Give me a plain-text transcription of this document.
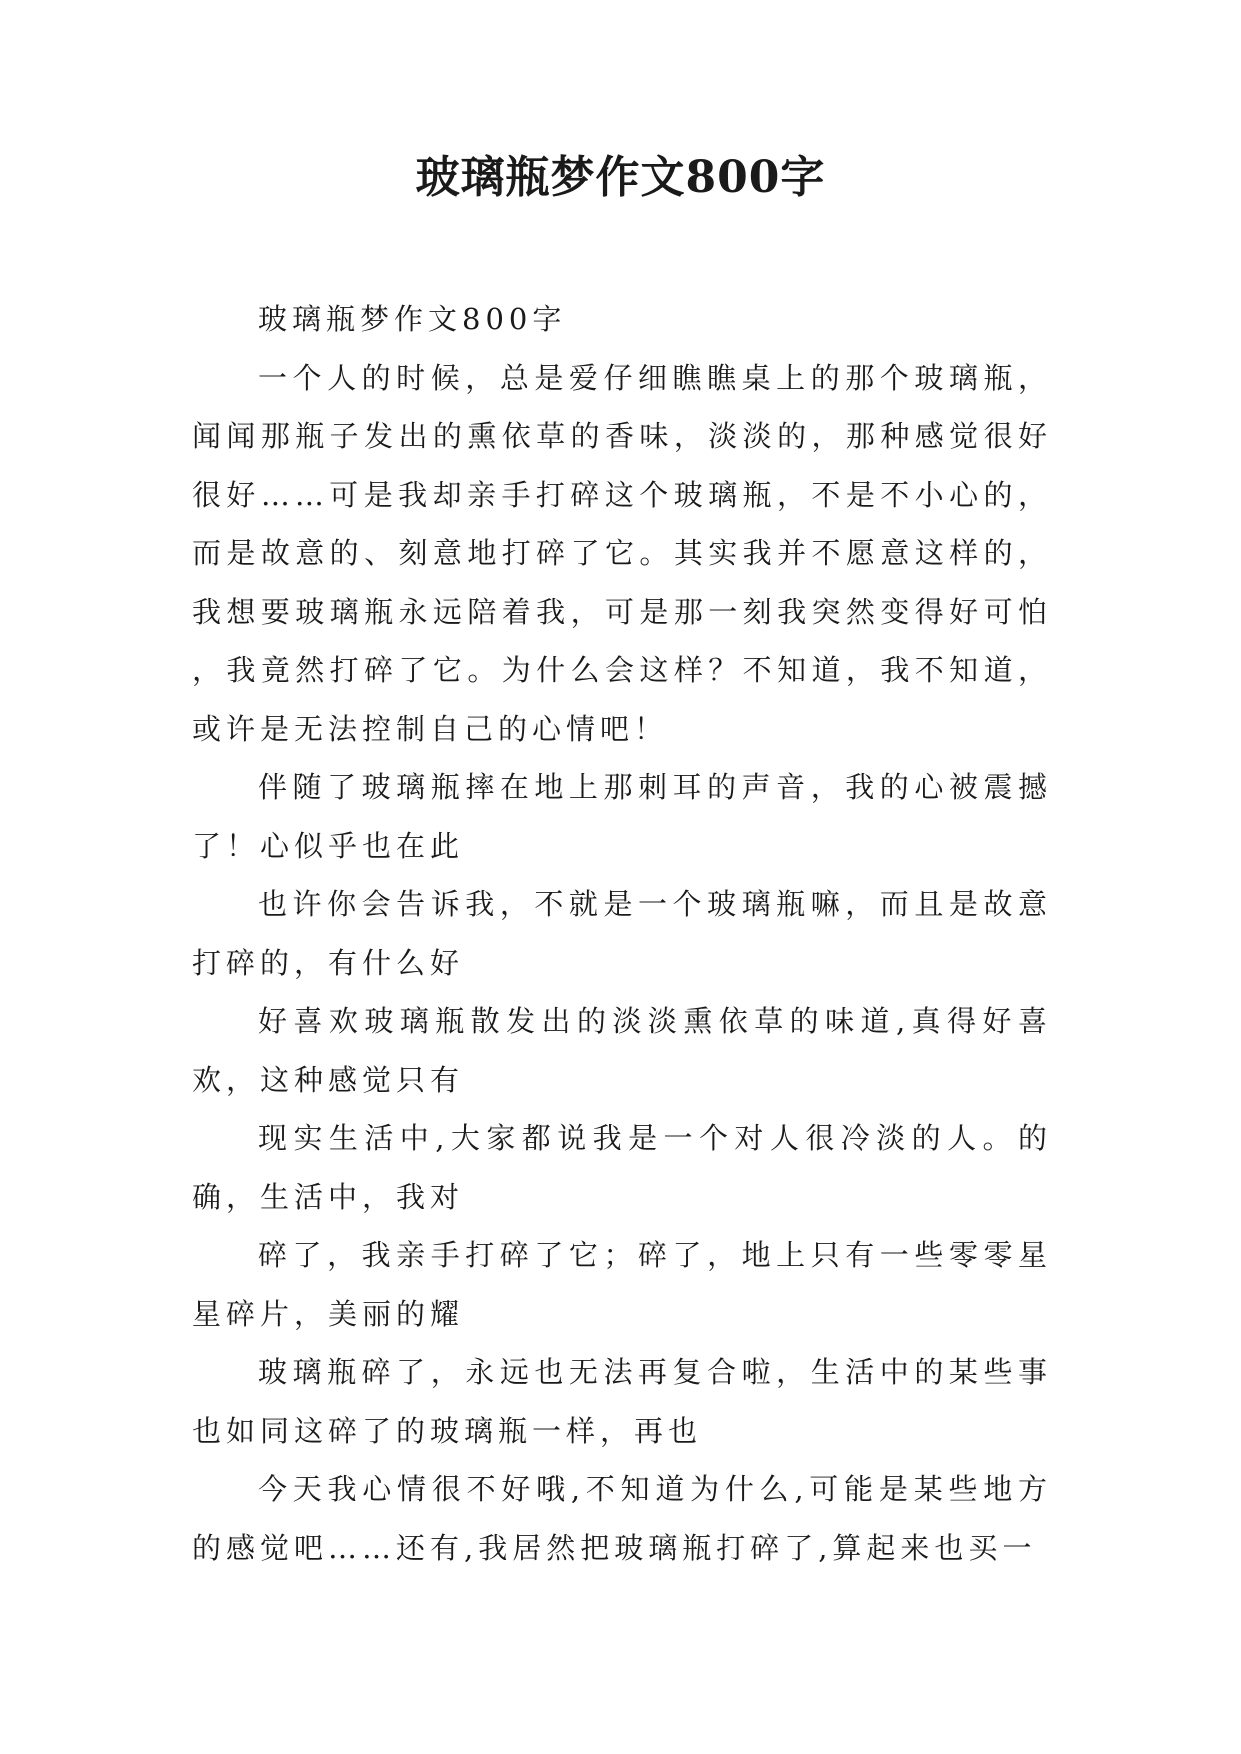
玻璃瓶梦作文800字

玻璃瓶梦作文800字

一个人的时候，总是爱仔细瞧瞧桌上的那个玻璃瓶，闻闻那瓶子发出的熏依草的香味，淡淡的，那种感觉很好很好……可是我却亲手打碎这个玻璃瓶，不是不小心的，而是故意的、刻意地打碎了它。其实我并不愿意这样的，我想要玻璃瓶永远陪着我，可是那一刻我突然变得好可怕，我竟然打碎了它。为什么会这样？不知道，我不知道，或许是无法控制自己的心情吧！

伴随了玻璃瓶摔在地上那刺耳的声音，我的心被震撼了！心似乎也在此

也许你会告诉我，不就是一个玻璃瓶嘛，而且是故意打碎的，有什么好

好喜欢玻璃瓶散发出的淡淡熏依草的味道,真得好喜欢，这种感觉只有

现实生活中,大家都说我是一个对人很冷淡的人。的确，生活中，我对

碎了，我亲手打碎了它；碎了，地上只有一些零零星星碎片，美丽的耀

玻璃瓶碎了，永远也无法再复合啦，生活中的某些事也如同这碎了的玻璃瓶一样，再也

今天我心情很不好哦,不知道为什么,可能是某些地方的感觉吧……还有,我居然把玻璃瓶打碎了,算起来也买一
